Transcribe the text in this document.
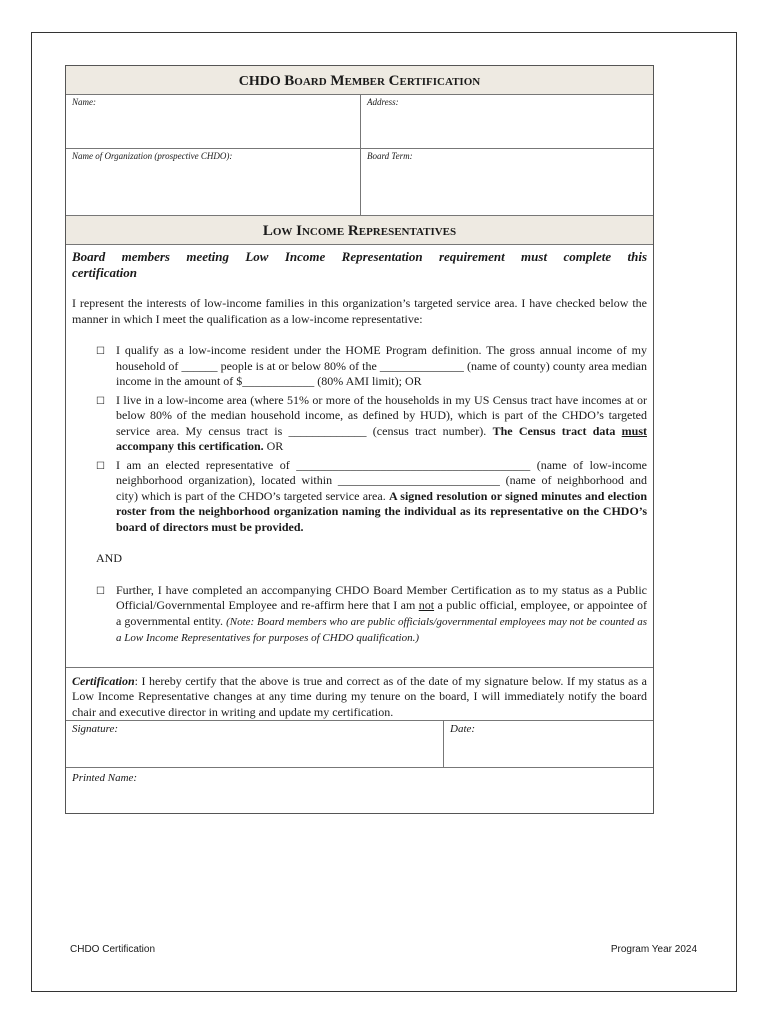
CHDO Board Member Certification
Name:	Address:
Name of Organization (prospective CHDO):	Board Term:
Low Income Representatives

Board members meeting Low Income Representation requirement must complete this

certification

I represent the interests of low-income families in this organization’s targeted service area. I have checked below the manner in which I meet the qualification as a low-income representative:

☐ I qualify as a low-income resident under the HOME Program definition. The gross annual income of my household of ______ people is at or below 80% of the ______________ (name of county) county area median income in the amount of $____________ (80% AMI limit); OR

☐ I live in a low-income area (where 51% or more of the households in my US Census tract have incomes at or below 80% of the median household income, as defined by HUD), which is part of the CHDO’s targeted service area. My census tract is _____________ (census tract number). The Census tract data must accompany this certification. OR

☐ I am an elected representative of _______________________________________ (name of low-income neighborhood organization), located within ___________________________ (name of neighborhood and city) which is part of the CHDO’s targeted service area. A signed resolution or signed minutes and election roster from the neighborhood organization naming the individual as its representative on the CHDO’s board of directors must be provided.

AND

☐ Further, I have completed an accompanying CHDO Board Member Certification as to my status as a Public Official/Governmental Employee and re-affirm here that I am not a public official, employee, or appointee of a governmental entity. (Note: Board members who are public officials/governmental employees may not be counted as a Low Income Representatives for purposes of CHDO qualification.)

Certification: I hereby certify that the above is true and correct as of the date of my signature below. If my status as a Low Income Representative changes at any time during my tenure on the board, I will immediately notify the board chair and executive director in writing and update my certification.
Signature:	Date:
Printed Name:
CHDO Certification	Program Year 2024
